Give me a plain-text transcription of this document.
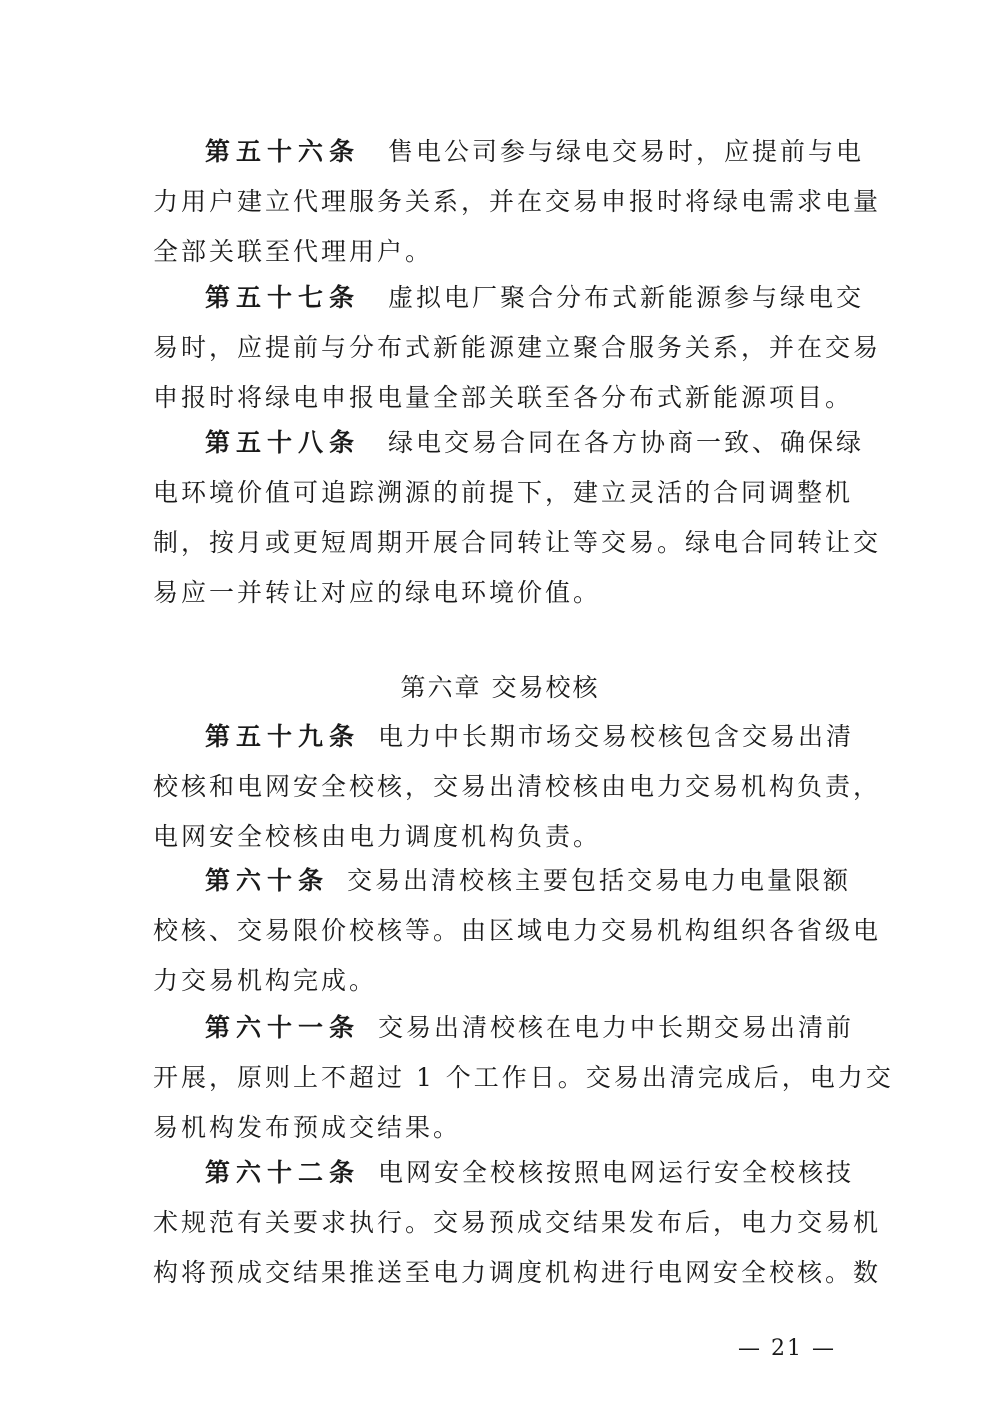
第五十六条 售电公司参与绿电交易时，应提前与电
力用户建立代理服务关系，并在交易申报时将绿电需求电量
全部关联至代理用户。
第五十七条 虚拟电厂聚合分布式新能源参与绿电交
易时，应提前与分布式新能源建立聚合服务关系，并在交易
申报时将绿电申报电量全部关联至各分布式新能源项目。
第五十八条 绿电交易合同在各方协商一致、确保绿
电环境价值可追踪溯源的前提下，建立灵活的合同调整机
制，按月或更短周期开展合同转让等交易。绿电合同转让交
易应一并转让对应的绿电环境价值。
第六章 交易校核
第五十九条 电力中长期市场交易校核包含交易出清
校核和电网安全校核，交易出清校核由电力交易机构负责，
电网安全校核由电力调度机构负责。
第六十条 交易出清校核主要包括交易电力电量限额
校核、交易限价校核等。由区域电力交易机构组织各省级电
力交易机构完成。
第六十一条 交易出清校核在电力中长期交易出清前
开展，原则上不超过 1 个工作日。交易出清完成后，电力交
易机构发布预成交结果。
第六十二条 电网安全校核按照电网运行安全校核技
术规范有关要求执行。交易预成交结果发布后，电力交易机
构将预成交结果推送至电力调度机构进行电网安全校核。数
— 21 —
